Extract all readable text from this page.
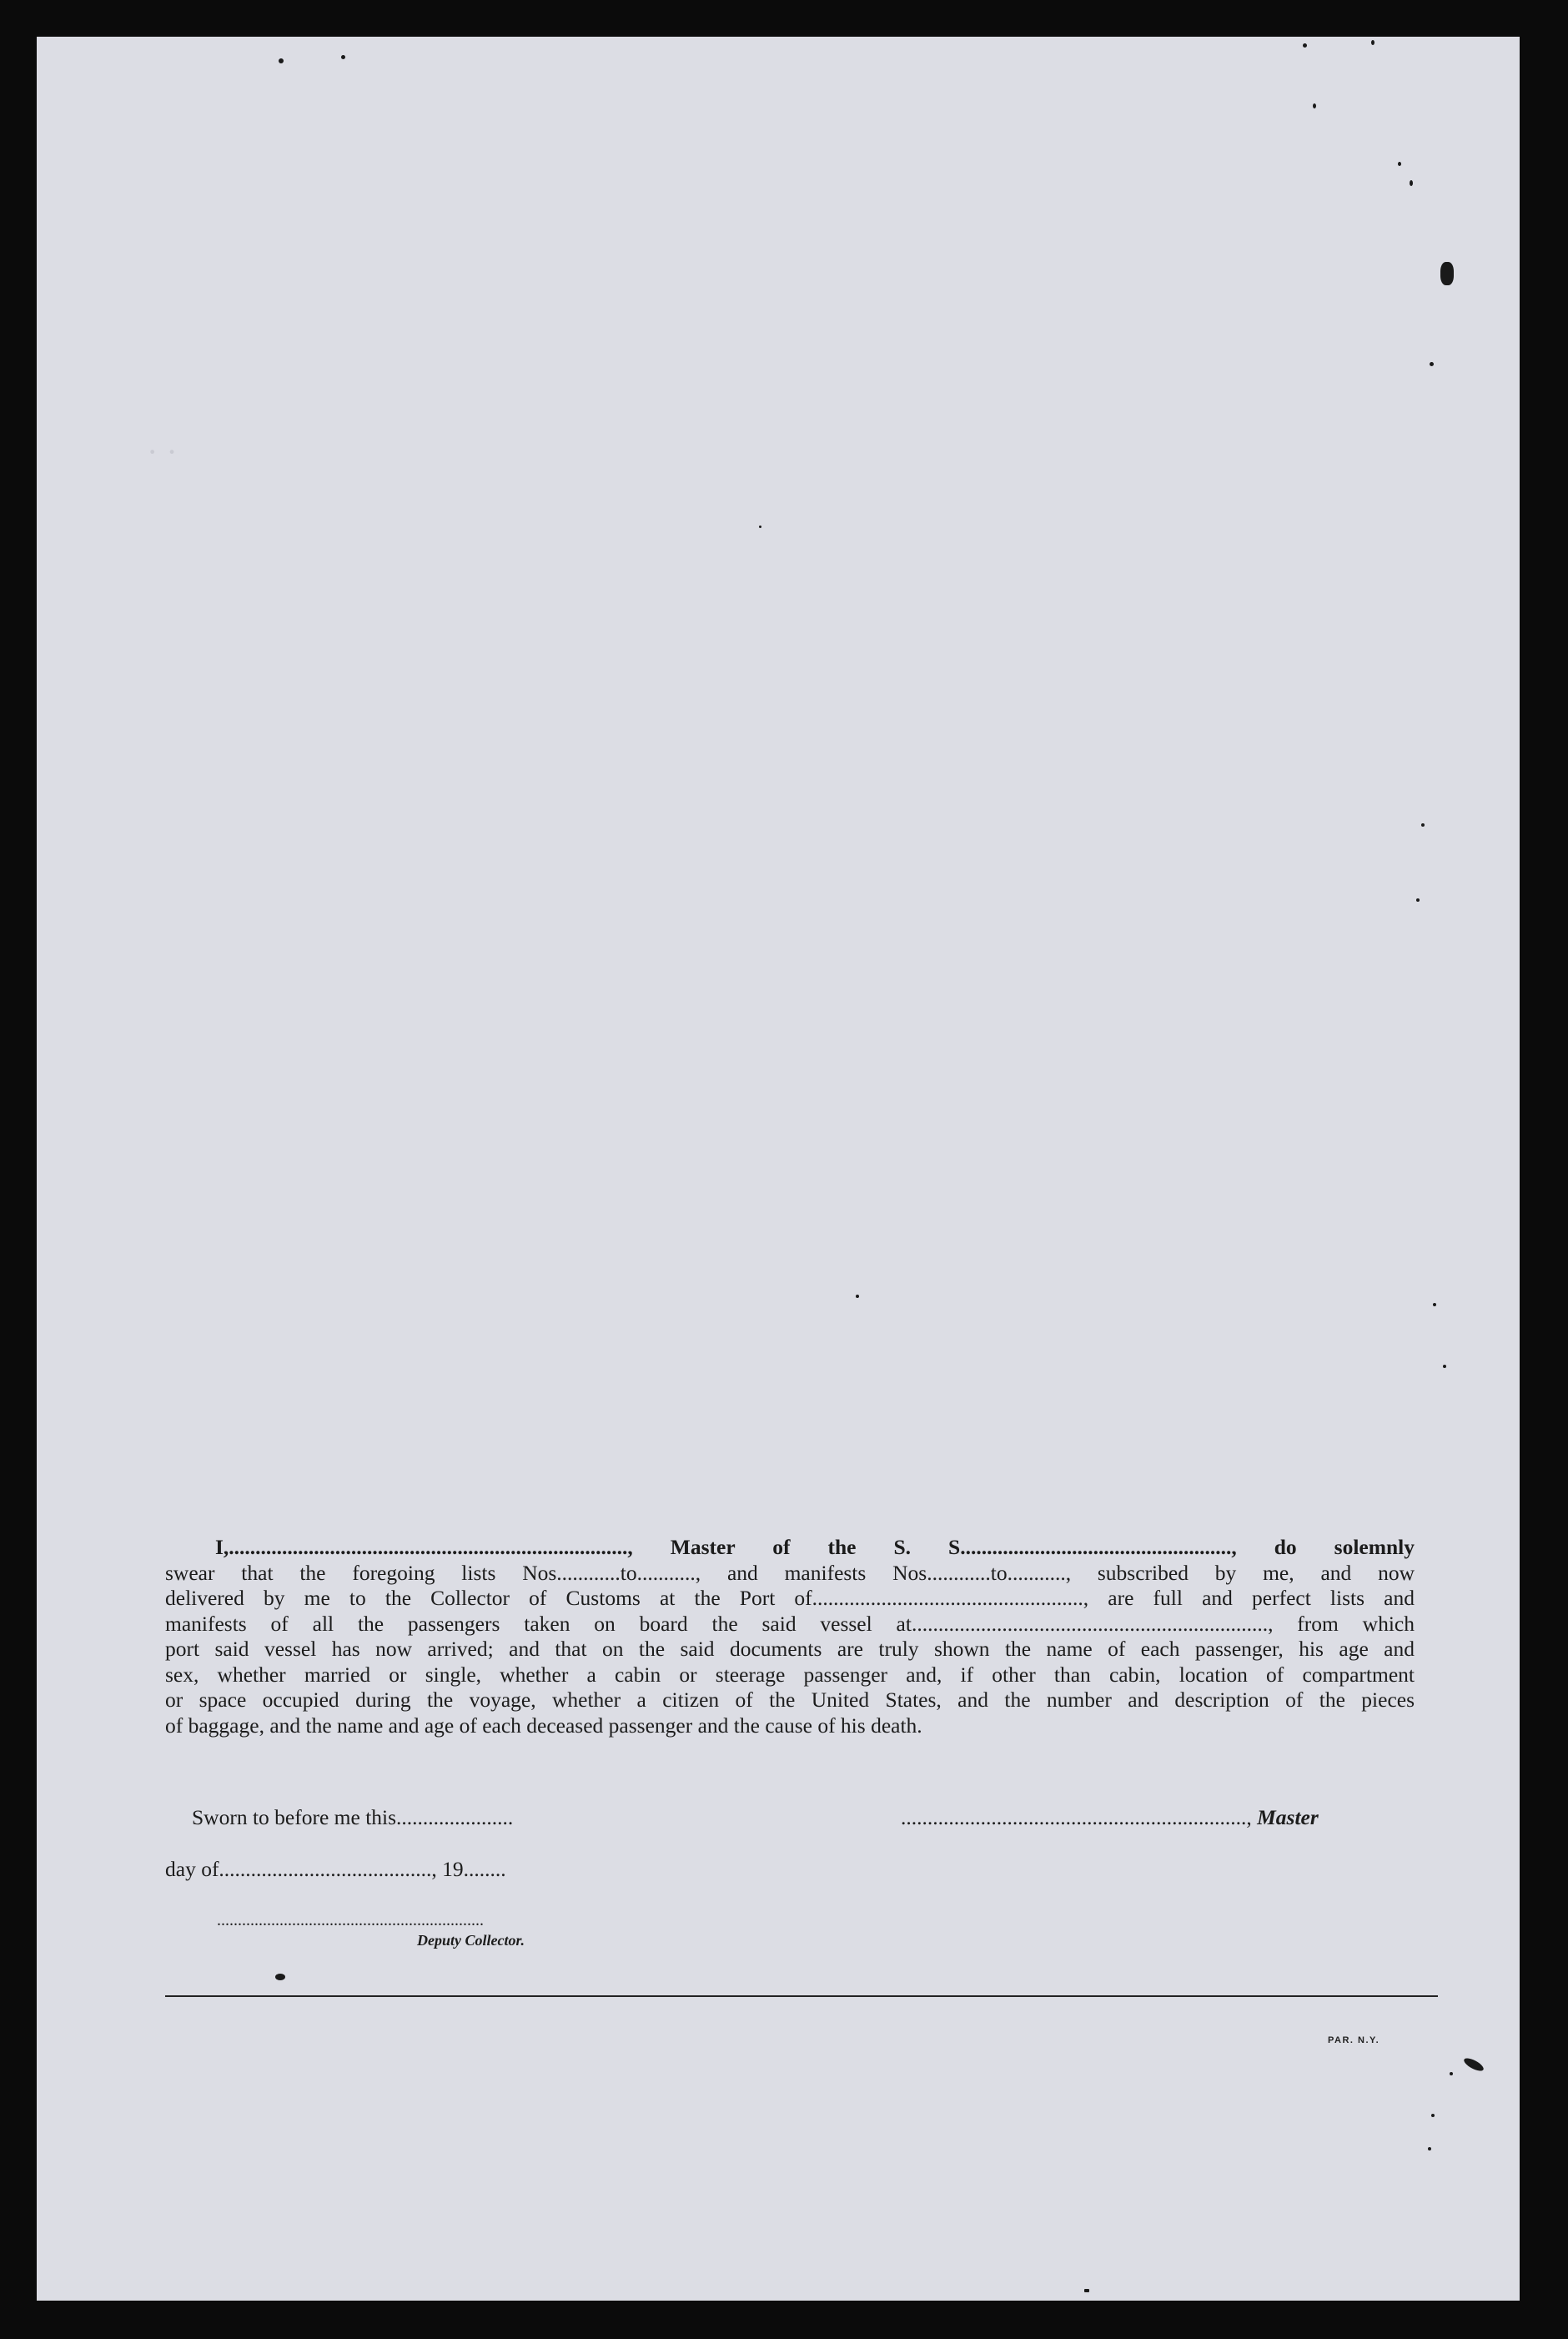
· ·
I,..........................................................................., Master of the S. S..................................................., do solemnly
swear that the foregoing lists Nos............to..........., and manifests Nos............to..........., subscribed by me, and now
delivered by me to the Collector of Customs at the Port of..................................................., are full and perfect lists and
manifests of all the passengers taken on board the said vessel at..................................................................., from which
port said vessel has now arrived; and that on the said documents are truly shown the name of each passenger, his age and
sex, whether married or single, whether a cabin or steerage passenger and, if other than cabin, location of compartment
or space occupied during the voyage, whether a citizen of the United States, and the number and description of the pieces
of baggage, and the name and age of each deceased passenger and the cause of his death.
Sworn to before me this......................	................................................................., Master
day of........................................, 19........
................................................................
Deputy Collector.
PAR. N.Y.
